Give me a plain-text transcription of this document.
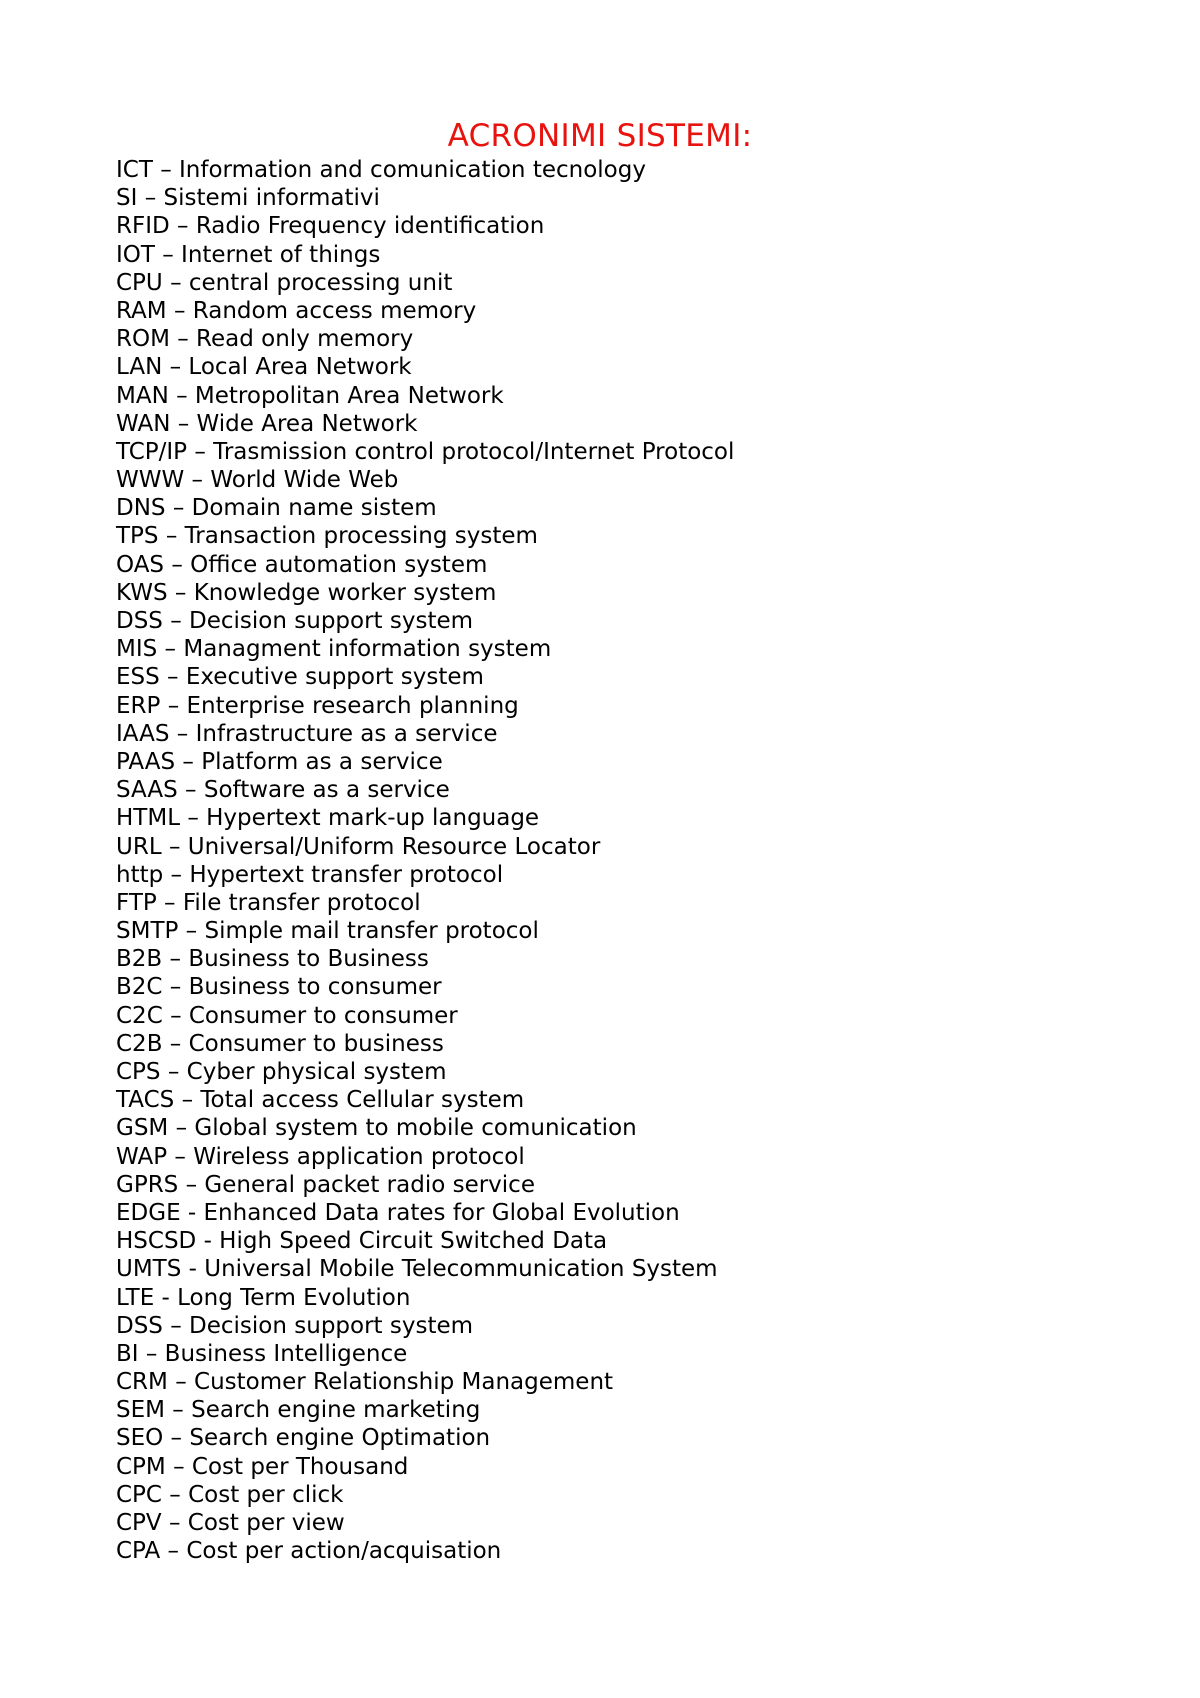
ACRONIMI SISTEMI:
ICT – Information and comunication tecnology
SI – Sistemi informativi
RFID – Radio Frequency identification
IOT – Internet of things
CPU – central processing unit
RAM – Random access memory
ROM – Read only memory
LAN – Local Area Network
MAN – Metropolitan Area Network
WAN – Wide Area Network
TCP/IP – Trasmission control protocol/Internet Protocol
WWW – World Wide Web
DNS – Domain name sistem
TPS – Transaction processing system
OAS – Office automation system
KWS – Knowledge worker system
DSS – Decision support system
MIS – Managment information system
ESS – Executive support system
ERP – Enterprise research planning
IAAS – Infrastructure as a service
PAAS – Platform as a service
SAAS – Software as a service
HTML – Hypertext mark-up language
URL – Universal/Uniform Resource Locator
http – Hypertext transfer protocol
FTP – File transfer protocol
SMTP – Simple mail transfer protocol
B2B – Business to Business
B2C – Business to consumer
C2C – Consumer to consumer
C2B – Consumer to business
CPS – Cyber physical system
TACS – Total access Cellular system
GSM – Global system to mobile comunication
WAP – Wireless application protocol
GPRS – General packet radio service
EDGE - Enhanced Data rates for Global Evolution
HSCSD - High Speed Circuit Switched Data
UMTS - Universal Mobile Telecommunication System
LTE - Long Term Evolution
DSS – Decision support system
BI – Business Intelligence
CRM – Customer Relationship Management
SEM – Search engine marketing
SEO – Search engine Optimation
CPM – Cost per Thousand
CPC – Cost per click
CPV – Cost per view
CPA – Cost per action/acquisation
